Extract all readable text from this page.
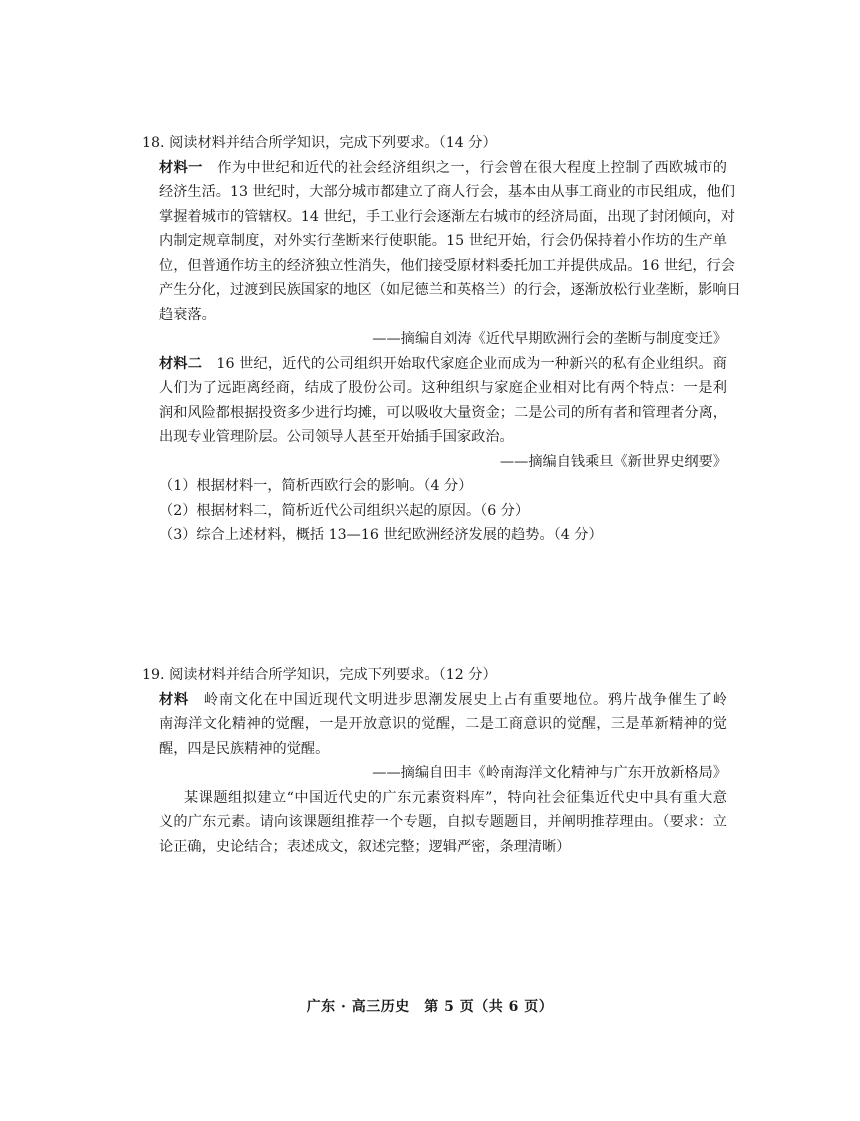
18. 阅读材料并结合所学知识，完成下列要求。（14 分）
材料一　 作为中世纪和近代的社会经济组织之一，行会曾在很大程度上控制了西欧城市的
经济生活。13 世纪时，大部分城市都建立了商人行会，基本由从事工商业的市民组成，他们
掌握着城市的管辖权。14 世纪，手工业行会逐渐左右城市的经济局面，出现了封闭倾向，对
内制定规章制度，对外实行垄断来行使职能。15 世纪开始，行会仍保持着小作坊的生产单
位，但普通作坊主的经济独立性消失，他们接受原材料委托加工并提供成品。16 世纪，行会
产生分化，过渡到民族国家的地区（如尼德兰和英格兰）的行会，逐渐放松行业垄断，影响日
趋衰落。
——摘编自刘涛《近代早期欧洲行会的垄断与制度变迁》
材料二　 16 世纪，近代的公司组织开始取代家庭企业而成为一种新兴的私有企业组织。商
人们为了远距离经商，结成了股份公司。这种组织与家庭企业相对比有两个特点：一是利
润和风险都根据投资多少进行均摊，可以吸收大量资金；二是公司的所有者和管理者分离，
出现专业管理阶层。公司领导人甚至开始插手国家政治。
——摘编自钱乘旦《新世界史纲要》
（1）根据材料一，简析西欧行会的影响。（4 分）
（2）根据材料二，简析近代公司组织兴起的原因。（6 分）
（3）综合上述材料，概括 13—16 世纪欧洲经济发展的趋势。（4 分）
19. 阅读材料并结合所学知识，完成下列要求。（12 分）
材料　 岭南文化在中国近现代文明进步思潮发展史上占有重要地位。鸦片战争催生了岭
南海洋文化精神的觉醒，一是开放意识的觉醒，二是工商意识的觉醒，三是革新精神的觉
醒，四是民族精神的觉醒。
——摘编自田丰《岭南海洋文化精神与广东开放新格局》
某课题组拟建立“中国近代史的广东元素资料库”，特向社会征集近代史中具有重大意
义的广东元素。请向该课题组推荐一个专题，自拟专题题目，并阐明推荐理由。（要求：立
论正确，史论结合；表述成文，叙述完整；逻辑严密，条理清晰）
广东 · 高三历史　第 5 页（共 6 页）
